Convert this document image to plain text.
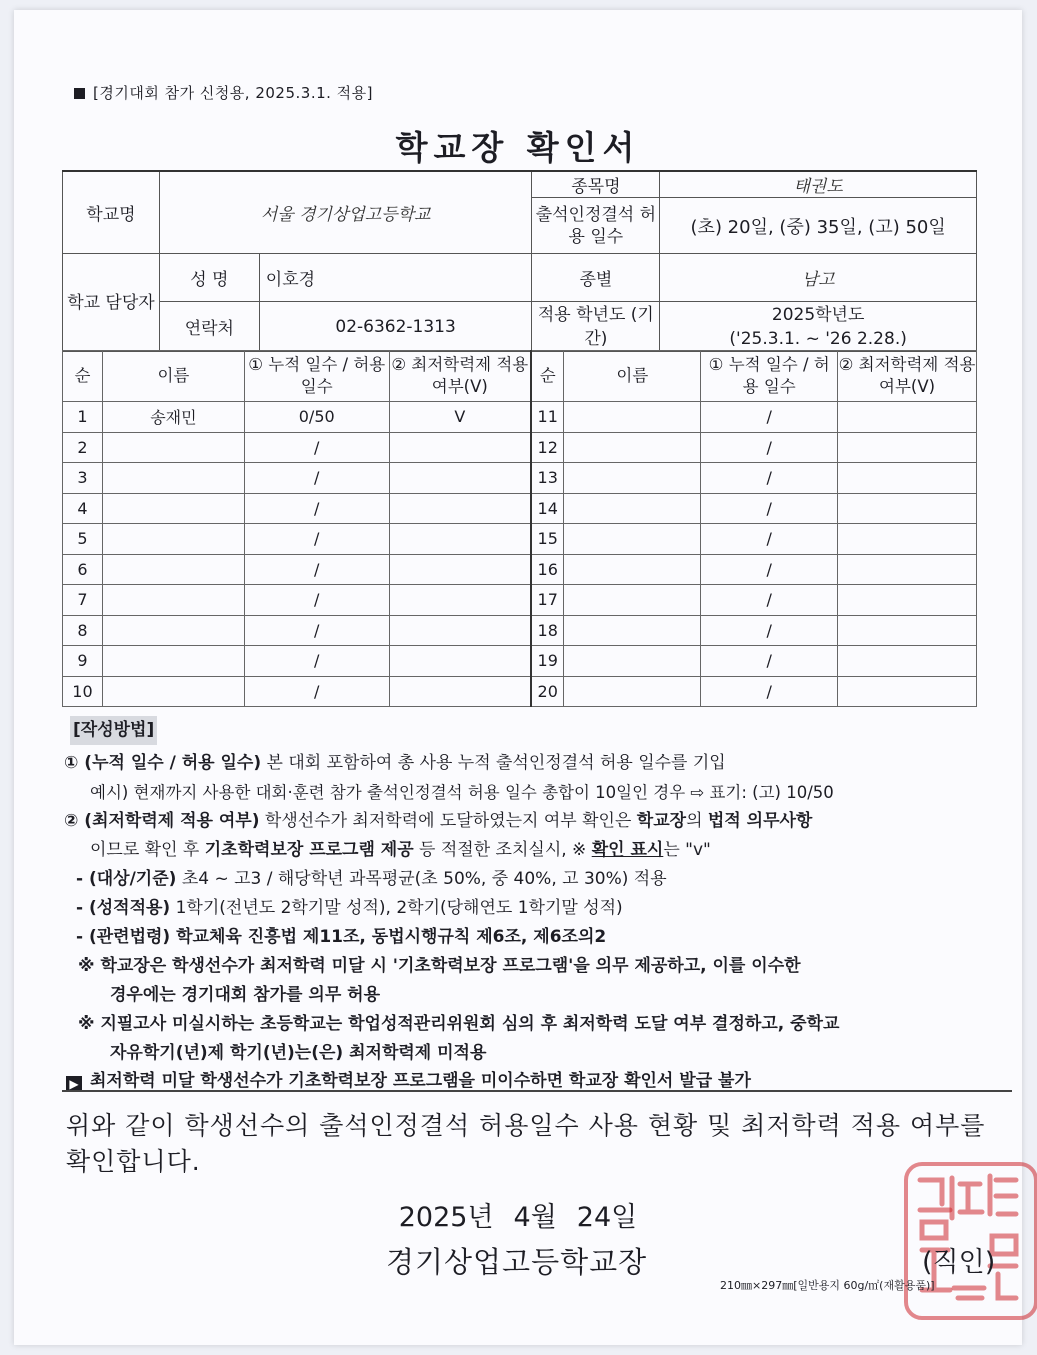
[경기대회 참가 신청용, 2025.3.1. 적용]
학교장 확인서
학교명	서울 경기상업고등학교		종목명	태권도
			출석인정결석 허용 일수	(초) 20일, (중) 35일, (고) 50일

학교 담당자	성 명	이호경	종별	남고
	연락처	02-6362-1313	적용 학년도 (기간)	2025학년도
('25.3.1. ~ '26 2.28.)
순	이름	① 누적 일수 / 허용 일수	② 최저학력제 적용 여부(V)	순	이름	① 누적 일수 / 허용 일수	② 최저학력제 적용 여부(V)
1	송재민	0/50	V	11		/	
2		/		12		/	
3		/		13		/	
4		/		14		/	
5		/		15		/	
6		/		16		/	
7		/		17		/	
8		/		18		/	
9		/		19		/	
10		/		20		/	
[작성방법]
① (누적 일수 / 허용 일수) 본 대회 포함하여 총 사용 누적 출석인정결석 허용 일수를 기입
예시) 현재까지 사용한 대회·훈련 참가 출석인정결석 허용 일수 총합이 10일인 경우 ⇨ 표기: (고) 10/50
② (최저학력제 적용 여부) 학생선수가 최저학력에 도달하였는지 여부 확인은 학교장의 법적 의무사항
이므로 확인 후 기초학력보장 프로그램 제공 등 적절한 조치실시, ※ 확인 표시는 "v"
- (대상/기준) 초4 ~ 고3 / 해당학년 과목평균(초 50%, 중 40%, 고 30%) 적용
- (성적적용) 1학기(전년도 2학기말 성적), 2학기(당해연도 1학기말 성적)
- (관련법령) 학교체육 진흥법 제11조, 동법시행규칙 제6조, 제6조의2
※ 학교장은 학생선수가 최저학력 미달 시 '기초학력보장 프로그램'을 의무 제공하고, 이를 이수한
경우에는 경기대회 참가를 의무 허용
※ 지필고사 미실시하는 초등학교는 학업성적관리위원회 심의 후 최저학력 도달 여부 결정하고, 중학교
자유학기(년)제 학기(년)는(은) 최저학력제 미적용
▶ 최저학력 미달 학생선수가 기초학력보장 프로그램을 미이수하면 학교장 확인서 발급 불가
위와 같이 학생선수의 출석인정결석 허용일수 사용 현황 및 최저학력 적용 여부를 확인합니다.
2025년 4월 24일
경기상업고등학교장	(직인)
210㎜×297㎜[일반용지 60g/㎡(재활용품)]
